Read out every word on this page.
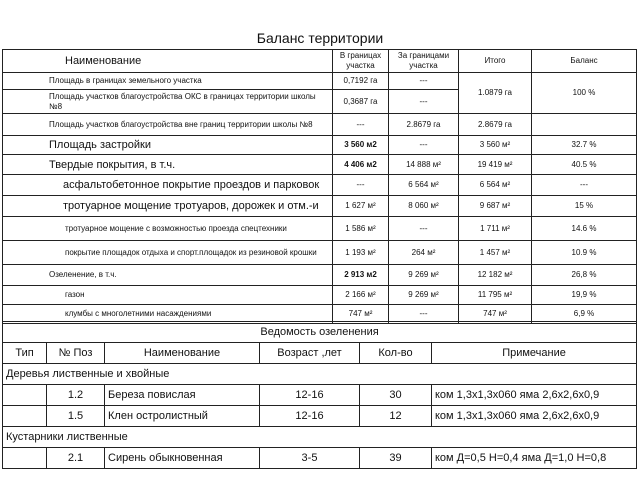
Баланс территории
Наименование	В границах участка	За границами участка	Итого	Баланс
Площадь в границах земельного участка	0,7192 га	---	1.0879 га	100 %
Площадь участков благоустройства ОКС в границах территории школы №8	0,3687 га	---		
Площадь участков благоустройства вне границ территории школы №8	---	2.8679 га	2.8679 га	
Площадь застройки	3 560 м2	---	3 560 м²	32.7 %
Твердые покрытия, в т.ч.	4 406 м2	14 888 м²	19 419 м²	40.5 %
асфальтобетонное покрытие проездов и парковок	---	6 564 м²	6 564 м²	---
тротуарное мощение тротуаров, дорожек и отм.-и	1 627 м²	8 060 м²	9 687 м²	15 %
тротуарное мощение с возможностью проезда спецтехники	1 586 м²	---	1 711 м²	14.6 %
покрытие площадок отдыха и спорт.площадок из резиновой крошки	1 193 м²	264 м²	1 457 м²	10.9 %
Озеленение, в т.ч.	2 913 м2	9 269 м²	12 182 м²	26,8 %
газон	2 166 м²	9 269 м²	11 795 м²	19,9 %
клумбы с многолетними насаждениями	747 м²	---	747 м²	6,9 %
Ведомость озеленения					
Тип	№ Поз	Наименование	Возраст ,лет	Кол-во	Примечание
Деревья лиственные и хвойные					
	1.2	Береза повислая	12-16	30	ком 1,3х1,3х060 яма 2,6х2,6х0,9
	1.5	Клен остролистный	12-16	12	ком 1,3х1,3х060 яма 2,6х2,6х0,9
Кустарники лиственные					
	2.1	Сирень обыкновенная	3-5	39	ком Д=0,5 Н=0,4 яма Д=1,0 Н=0,8
